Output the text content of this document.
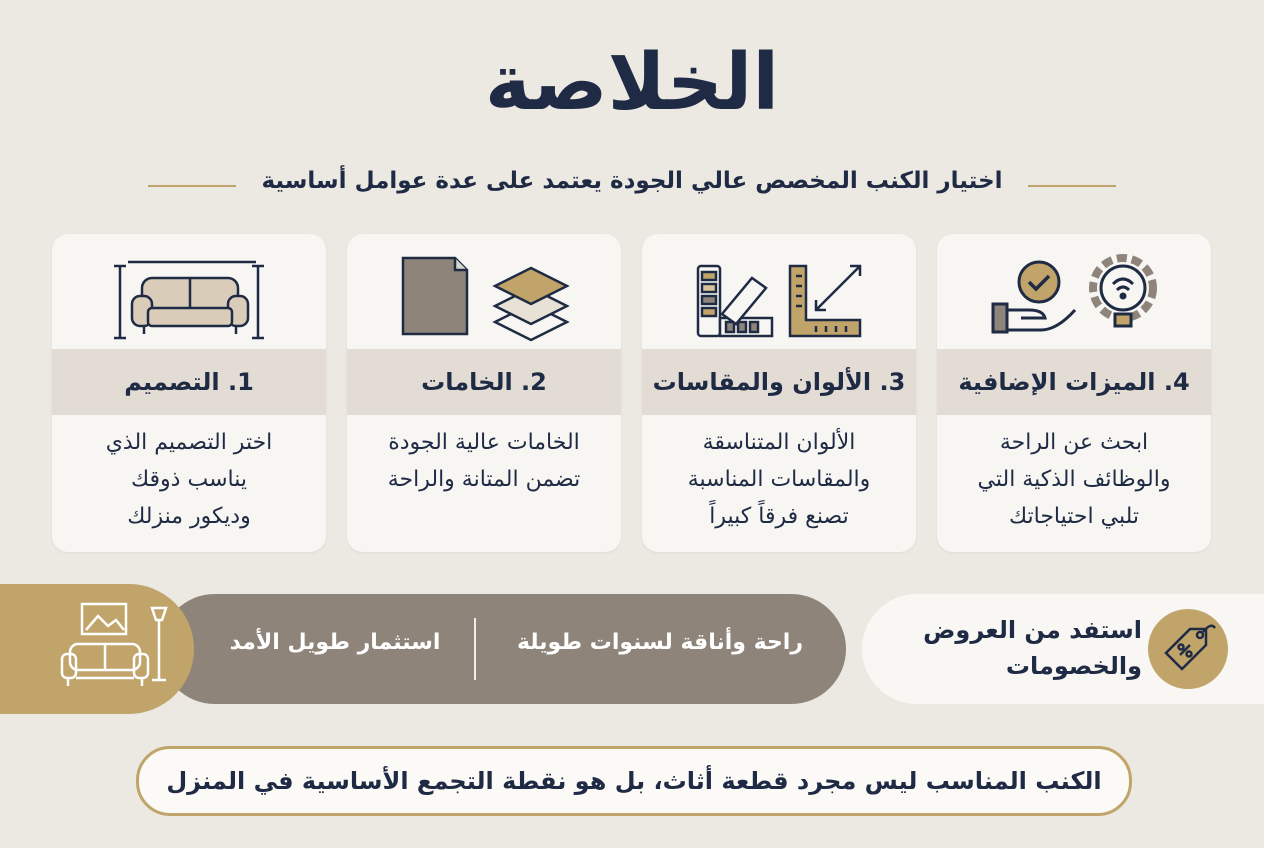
الخلاصة
اختيار الكنب المخصص عالي الجودة يعتمد على عدة عوامل أساسية
4. الميزات الإضافية
ابحث عن الراحة
والوظائف الذكية التي
تلبي احتياجاتك
3. الألوان والمقاسات
الألوان المتناسقة
والمقاسات المناسبة
تصنع فرقاً كبيراً
2. الخامات
الخامات عالية الجودة
تضمن المتانة والراحة
1. التصميم
اختر التصميم الذي
يناسب ذوقك
وديكور منزلك
راحة وأناقة لسنوات طويلة
استثمار طويل الأمد	استفد من العروض
والخصومات
الكنب المناسب ليس مجرد قطعة أثاث، بل هو نقطة التجمع الأساسية في المنزل
